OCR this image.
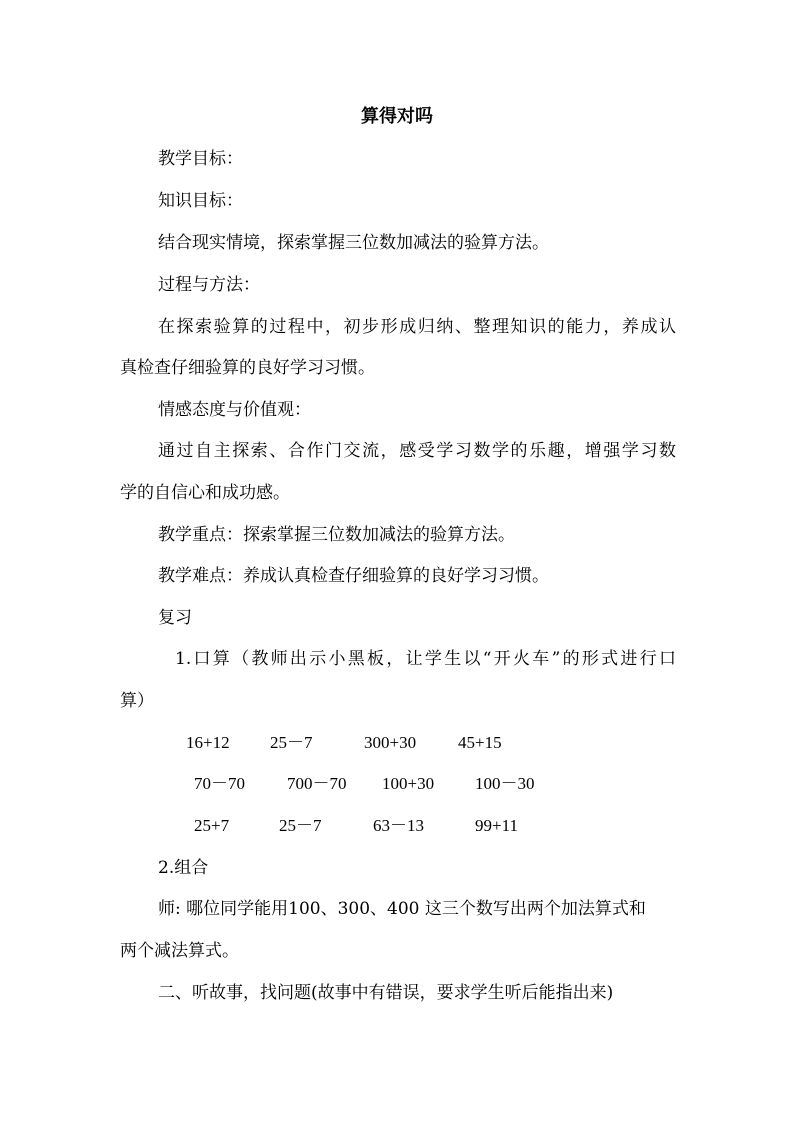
算得对吗
教学目标：
知识目标：
结合现实情境，探索掌握三位数加减法的验算方法。
过程与方法：
在探索验算的过程中，初步形成归纳、整理知识的能力，养成认
真检查仔细验算的良好学习习惯。
情感态度与价值观：
通过自主探索、合作门交流，感受学习数学的乐趣，增强学习数
学的自信心和成功感。
教学重点：探索掌握三位数加减法的验算方法。
教学难点：养成认真检查仔细验算的良好学习习惯。
复习
1.口算（教师出示小黑板，让学生以“开火车”的形式进行口
算）
16+12 25－7	300+30 45+15
70－70 700－70 100+30 100－30
25+7	25－7	63－13	99+11
2.组合
师: 哪位同学能用100、300、400 这三个数写出两个加法算式和
两个减法算式。
二、听故事，找问题(故事中有错误，要求学生听后能指出来)
